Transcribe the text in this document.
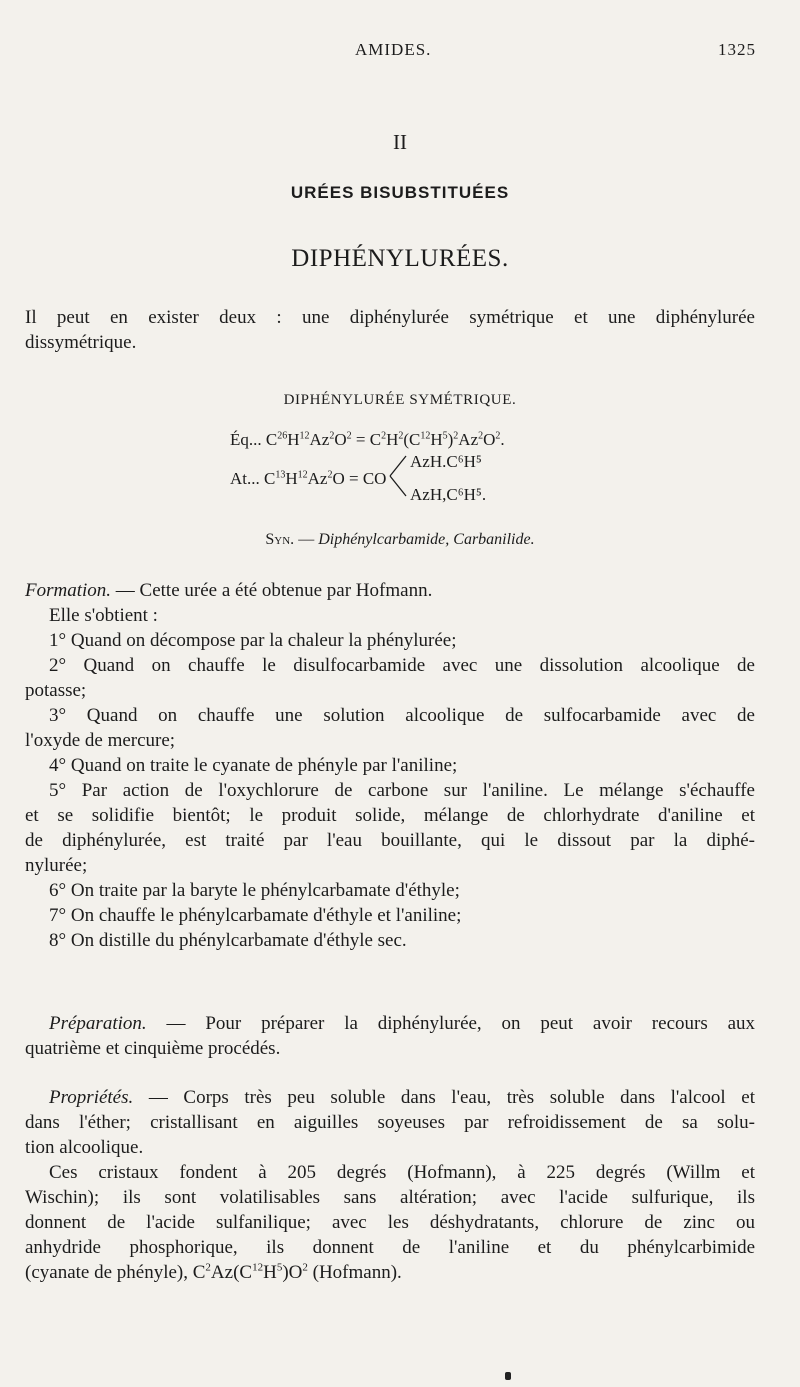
AMIDES.	1325
II
URÉES BISUBSTITUÉES
DIPHÉNYLURÉES.
Il peut en exister deux : une diphénylurée symétrique et une diphénylurée
dissymétrique.
DIPHÉNYLURÉE SYMÉTRIQUE.
Éq... $C^{26}H^{12}Az^2O^2 = C^2H^2(C^{12}H^5)^2Az^2O^2$.
At... $C^{13}H^{12}Az^2O$ = CO
AzH.C⁶H⁵
AzH,C⁶H⁵.
Syn. — Diphénylcarbamide, Carbanilide.
Formation. — Cette urée a été obtenue par Hofmann.
Elle s'obtient :
1° Quand on décompose par la chaleur la phénylurée;
2° Quand on chauffe le disulfocarbamide avec une dissolution alcoolique de
potasse;
3° Quand on chauffe une solution alcoolique de sulfocarbamide avec de
l'oxyde de mercure;
4° Quand on traite le cyanate de phényle par l'aniline;
5° Par action de l'oxychlorure de carbone sur l'aniline. Le mélange s'échauffe
et se solidifie bientôt; le produit solide, mélange de chlorhydrate d'aniline et
de diphénylurée, est traité par l'eau bouillante, qui le dissout par la diphé-
nylurée;
6° On traite par la baryte le phénylcarbamate d'éthyle;
7° On chauffe le phénylcarbamate d'éthyle et l'aniline;
8° On distille du phénylcarbamate d'éthyle sec.
Préparation. — Pour préparer la diphénylurée, on peut avoir recours aux
quatrième et cinquième procédés.
Propriétés. — Corps très peu soluble dans l'eau, très soluble dans l'alcool et
dans l'éther; cristallisant en aiguilles soyeuses par refroidissement de sa solu-
tion alcoolique.
Ces cristaux fondent à 205 degrés (Hofmann), à 225 degrés (Willm et
Wischin); ils sont volatilisables sans altération; avec l'acide sulfurique, ils
donnent de l'acide sulfanilique; avec les déshydratants, chlorure de zinc ou
anhydride phosphorique, ils donnent de l'aniline et du phénylcarbimide
(cyanate de phényle), $C^2Az(C^{12}H^5)O^2$ (Hofmann).
